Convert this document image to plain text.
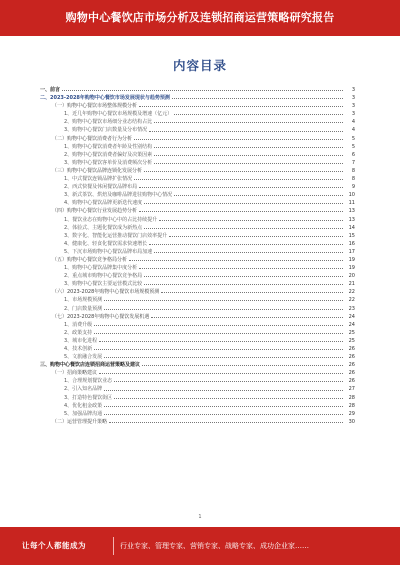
购物中心餐饮店市场分析及连锁招商运营策略研究报告
内容目录
一、前言	3
二、2023-2028年购物中心餐饮市场发展现状与趋势预测	3
（一）购物中心餐饮市场整体规模分析	3
1、近几年购物中心餐饮市场规模及增速（亿元）	3
2、购物中心餐饮市场细分业态结构占比	4
3、购物中心餐饮门店数量及分布情况	4
（二）购物中心餐饮消费者行为分析	5
1、购物中心餐饮消费者年龄及性别结构	5
2、购物中心餐饮消费者偏好及决策因素	6
3、购物中心餐饮客单价及消费频次分析	7
（三）购物中心餐饮品牌连锁化发展分析	8
1、中式餐饮连锁品牌扩张情况	8
2、西式快餐及休闲餐饮品牌布局	9
3、新式茶饮、烘焙及咖啡品牌进驻购物中心情况	10
4、购物中心餐饮品牌更新迭代速度	11
（四）购物中心餐饮行业发展趋势分析	13
1、餐饮业态在购物中心中的占比持续提升	13
2、体验式、主题化餐饮成为新热点	14
3、数字化、智能化运营推动餐饮门店效率提升	15
4、健康化、轻食化餐饮需求快速增长	16
5、下沉市场购物中心餐饮品牌布局加速	17
（五）购物中心餐饮竞争格局分析	19
1、购物中心餐饮品牌集中度分析	19
2、重点城市购物中心餐饮竞争格局	20
3、购物中心餐饮主要运营模式比较	21
（六）2023-2028年购物中心餐饮市场规模预测	22
1、市场规模预测	22
2、门店数量预测	23
（七）2023-2028年购物中心餐饮发展机遇	24
1、消费升级	24
2、政策支持	25
3、城市化进程	25
4、技术创新	26
5、文旅融合发展	26
三、购物中心餐饮店连锁招商运营策略及建议	26
（一）招商策略建议	26
1、合理规划餐饮业态	26
2、引入知名品牌	27
3、打造特色餐饮街区	28
4、优化租金政策	28
5、加强品牌沟通	29
（二）运营管理提升策略	30
1
让每个人都能成为	行业专家、管理专家、营销专家、战略专家、成功企业家……
